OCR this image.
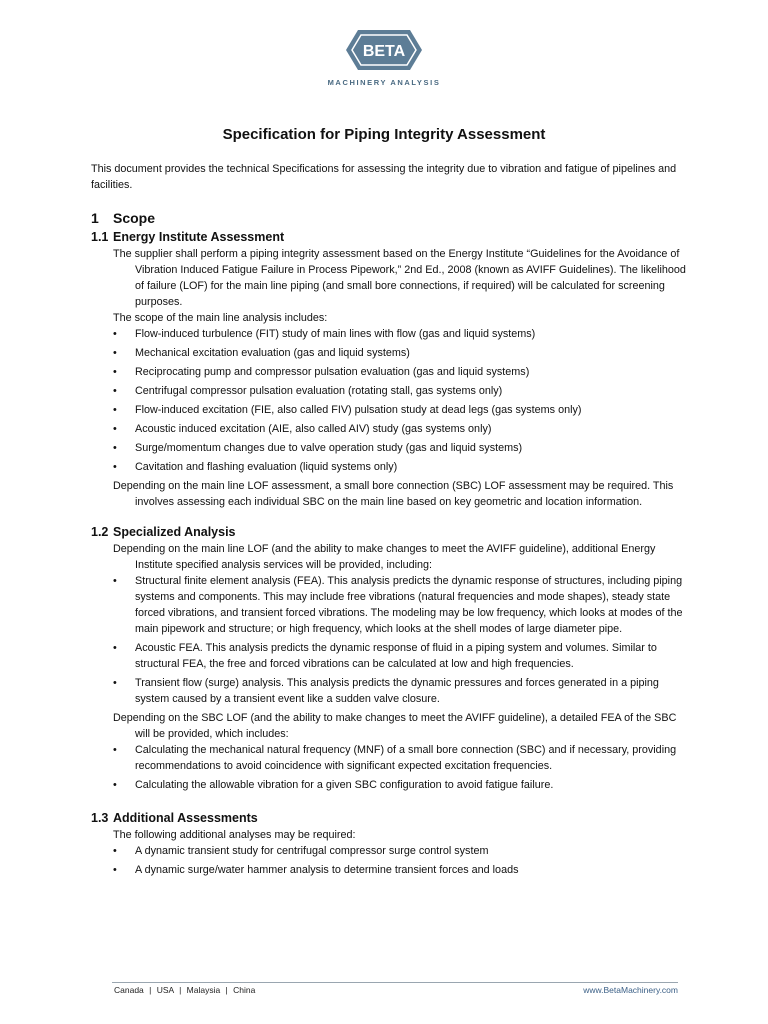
BETA
MACHINERY ANALYSIS
Specification for Piping Integrity Assessment

This document provides the technical Specifications for assessing the integrity due to vibration and fatigue of pipelines and facilities.

1 Scope
1.1 Energy Institute Assessment

The supplier shall perform a piping integrity assessment based on the Energy Institute “Guidelines for the Avoidance of Vibration Induced Fatigue Failure in Process Pipework,” 2nd Ed., 2008 (known as AVIFF Guidelines). The likelihood of failure (LOF) for the main line piping (and small bore connections, if required) will be calculated for screening purposes.

The scope of the main line analysis includes:

• Flow-induced turbulence (FIT) study of main lines with flow (gas and liquid systems)
• Mechanical excitation evaluation (gas and liquid systems)
• Reciprocating pump and compressor pulsation evaluation (gas and liquid systems)
• Centrifugal compressor pulsation evaluation (rotating stall, gas systems only)
• Flow-induced excitation (FIE, also called FIV) pulsation study at dead legs (gas systems only)
• Acoustic induced excitation (AIE, also called AIV) study (gas systems only)
• Surge/momentum changes due to valve operation study (gas and liquid systems)
• Cavitation and flashing evaluation (liquid systems only)

Depending on the main line LOF assessment, a small bore connection (SBC) LOF assessment may be required. This involves assessing each individual SBC on the main line based on key geometric and location information.

1.2 Specialized Analysis

Depending on the main line LOF (and the ability to make changes to meet the AVIFF guideline), additional Energy Institute specified analysis services will be provided, including:

• Structural finite element analysis (FEA). This analysis predicts the dynamic response of structures, including piping systems and components. This may include free vibrations (natural frequencies and mode shapes), steady state forced vibrations, and transient forced vibrations. The modeling may be low frequency, which looks at modes of the main pipework and structure; or high frequency, which looks at the shell modes of large diameter pipe.
• Acoustic FEA. This analysis predicts the dynamic response of fluid in a piping system and volumes. Similar to structural FEA, the free and forced vibrations can be calculated at low and high frequencies.
• Transient flow (surge) analysis. This analysis predicts the dynamic pressures and forces generated in a piping system caused by a transient event like a sudden valve closure.

Depending on the SBC LOF (and the ability to make changes to meet the AVIFF guideline), a detailed FEA of the SBC will be provided, which includes:

• Calculating the mechanical natural frequency (MNF) of a small bore connection (SBC) and if necessary, providing recommendations to avoid coincidence with significant expected excitation frequencies.
• Calculating the allowable vibration for a given SBC configuration to avoid fatigue failure.
1.3 Additional Assessments

The following additional analyses may be required:

• A dynamic transient study for centrifugal compressor surge control system
• A dynamic surge/water hammer analysis to determine transient forces and loads
Canada | USA | Malaysia | China	www.BetaMachinery.com
